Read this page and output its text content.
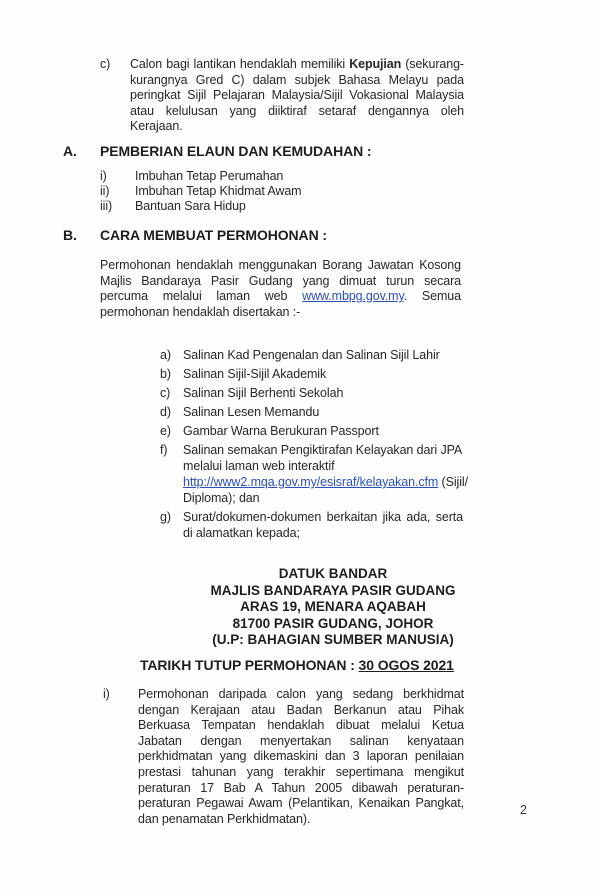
c)	Calon bagi lantikan hendaklah memiliki Kepujian (sekurang-kurangnya Gred C) dalam subjek Bahasa Melayu pada peringkat Sijil Pelajaran Malaysia/Sijil Vokasional Malaysia atau kelulusan yang diiktiraf setaraf dengannya oleh Kerajaan.
A.	PEMBERIAN ELAUN DAN KEMUDAHAN :
i)	Imbuhan Tetap Perumahan
ii)	Imbuhan Tetap Khidmat Awam
iii)	Bantuan Sara Hidup
B.	CARA MEMBUAT PERMOHONAN :
Permohonan hendaklah menggunakan Borang Jawatan Kosong Majlis Bandaraya Pasir Gudang yang dimuat turun secara percuma melalui laman web www.mbpg.gov.my. Semua permohonan hendaklah disertakan :-
a) Salinan Kad Pengenalan dan Salinan Sijil Lahir
b) Salinan Sijil-Sijil Akademik
c)	Salinan Sijil Berhenti Sekolah
d) Salinan Lesen Memandu
e) Gambar Warna Berukuran Passport
f)	Salinan semakan Pengiktirafan Kelayakan dari JPA
melalui laman web interaktif
http://www2.mqa.gov.my/esisraf/kelayakan.cfm (Sijil/
Diploma); dan
g) Surat/dokumen-dokumen berkaitan jika ada, serta di alamatkan kepada;
DATUK BANDAR
MAJLIS BANDARAYA PASIR GUDANG
ARAS 19, MENARA AQABAH
81700 PASIR GUDANG, JOHOR
(U.P: BAHAGIAN SUMBER MANUSIA)
TARIKH TUTUP PERMOHONAN : 30 OGOS 2021
i)	Permohonan daripada calon yang sedang berkhidmat dengan Kerajaan atau Badan Berkanun atau Pihak Berkuasa Tempatan hendaklah dibuat melalui Ketua Jabatan dengan menyertakan salinan kenyataan perkhidmatan yang dikemaskini dan 3 laporan penilaian prestasi tahunan yang terakhir sepertimana mengikut peraturan 17 Bab A Tahun 2005 dibawah peraturan-peraturan Pegawai Awam (Pelantikan, Kenaikan Pangkat, dan penamatan Perkhidmatan).
2
